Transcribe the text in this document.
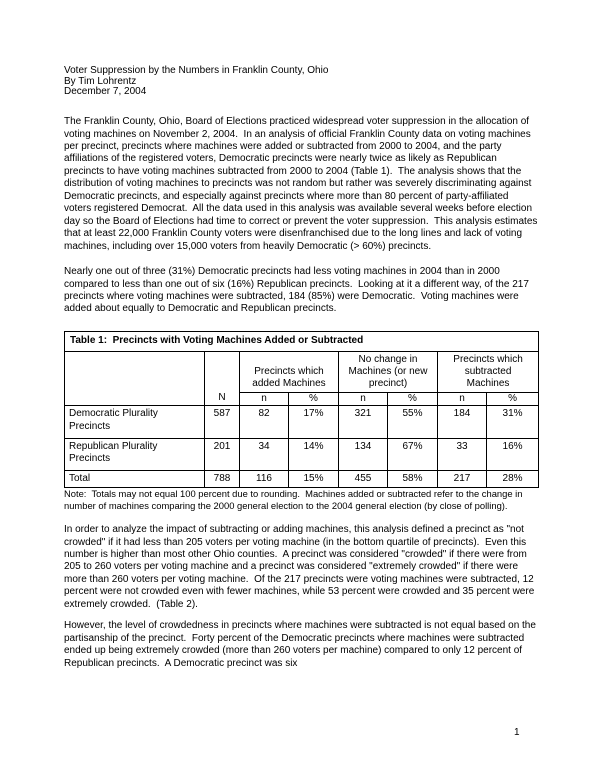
Voter Suppression by the Numbers in Franklin County, Ohio
By Tim Lohrentz
December 7, 2004

The Franklin County, Ohio, Board of Elections practiced widespread voter suppression in the allocation of voting machines on November 2, 2004.  In an analysis of official Franklin County data on voting machines per precinct, precincts where machines were added or subtracted from 2000 to 2004, and the party affiliations of the registered voters, Democratic precincts were nearly twice as likely as Republican precincts to have voting machines subtracted from 2000 to 2004 (Table 1).  The analysis shows that the distribution of voting machines to precincts was not random but rather was severely discriminating against Democratic precincts, and especially against precincts where more than 80 percent of party-affiliated voters registered Democrat.  All the data used in this analysis was available several weeks before election day so the Board of Elections had time to correct or prevent the voter suppression.  This analysis estimates that at least 22,000 Franklin County voters were disenfranchised due to the long lines and lack of voting machines, including over 15,000 voters from heavily Democratic (> 60%) precincts.

Nearly one out of three (31%) Democratic precincts had less voting machines in 2004 than in 2000 compared to less than one out of six (16%) Republican precincts.  Looking at it a different way, of the 217 precincts where voting machines were subtracted, 184 (85%) were Democratic.  Voting machines were added about equally to Democratic and Republican precincts.

Table 1:  Precincts with Voting Machines Added or Subtracted							
	N	Precincts which added Machines		No change in Machines (or new precinct)		Precincts which subtracted Machines	
		n	%	n	%	n	%
Democratic Plurality Precincts	587	82	17%	321	55%	184	31%
Republican Plurality Precincts	201	34	14%	134	67%	33	16%
Total	788	116	15%	455	58%	217	28%

Note:  Totals may not equal 100 percent due to rounding.  Machines added or subtracted refer to the change in number of machines comparing the 2000 general election to the 2004 general election (by close of polling).

In order to analyze the impact of subtracting or adding machines, this analysis defined a precinct as "not crowded" if it had less than 205 voters per voting machine (in the bottom quartile of precincts).  Even this number is higher than most other Ohio counties.  A precinct was considered "crowded" if there were from 205 to 260 voters per voting machine and a precinct was considered "extremely crowded" if there were more than 260 voters per voting machine.  Of the 217 precincts were voting machines were subtracted, 12 percent were not crowded even with fewer machines, while 53 percent were crowded and 35 percent were extremely crowded.  (Table 2).

However, the level of crowdedness in precincts where machines were subtracted is not equal based on the partisanship of the precinct.  Forty percent of the Democratic precincts where machines were subtracted ended up being extremely crowded (more than 260 voters per machine) compared to only 12 percent of Republican precincts.  A Democratic precinct was six

1
